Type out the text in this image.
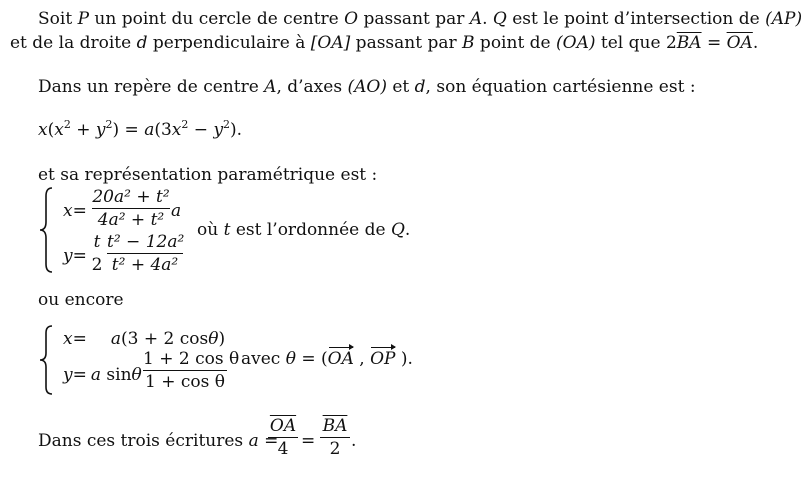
Soit P un point du cercle de centre O passant par A. Q est le point d’intersection de (AP)
et de la droite d perpendiculaire à [OA] passant par B point de (OA) tel que $2\overline{BA} = \overline{OA}$.
Dans un repère de centre A, d’axes (AO) et d, son équation cartésienne est :
$x(x^2 + y^2) = a(3x^2 - y^2)$.
et sa représentation paramétrique est :
x=
20a² + t²
4a² + t² a
y=
t
2
t² − 12a²
t² + 4a²
où t est l’ordonnée de Q.
ou encore
x= a(3 + 2 cosθ)
y= a sinθ
1 + 2 cos θ
1 + cos θ
avec θ = (OA , OP ).
Dans ces trois écritures a =
$\overline{OA}$
4 =
$\overline{BA}$
2 .
